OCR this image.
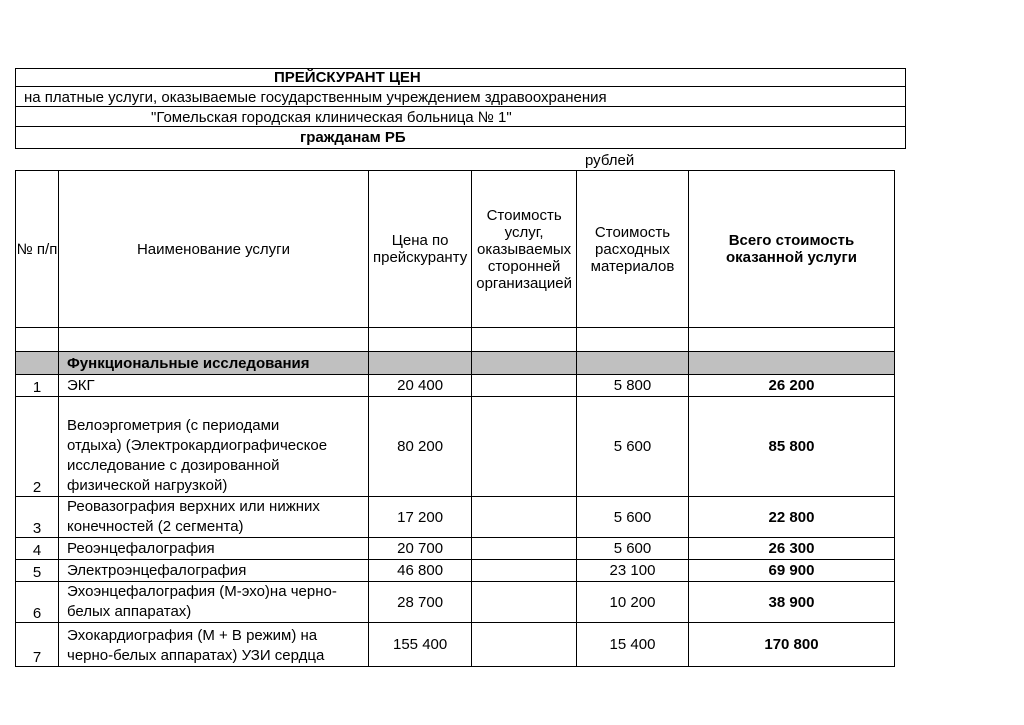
ПРЕЙСКУРАНТ ЦЕН
на платные услуги, оказываемые государственным учреждением здравоохранения
"Гомельская городская клиническая больница № 1"
гражданам РБ
рублей
№ п/п	Наименование услуги	Цена по прейскуранту	Стоимость услуг, оказываемых сторонней организацией	Стоимость расходных материалов	Всего стоимость оказанной услуги

	Функциональные исследования				
1	ЭКГ	20 400		5 800	26 200
2	Велоэргометрия (с периодами отдыха) (Электрокардиографическое исследование с дозированной физической нагрузкой)	80 200		5 600	85 800
3	Реовазография верхних или нижних конечностей (2 сегмента)	17 200		5 600	22 800
4	Реоэнцефалография	20 700		5 600	26 300
5	Электроэнцефалография	46 800		23 100	69 900
6	Эхоэнцефалография (М-эхо)на черно-белых аппаратах)	28 700		10 200	38 900
7	Эхокардиография (М + В режим) на черно-белых аппаратах) УЗИ сердца	155 400		15 400	170 800
